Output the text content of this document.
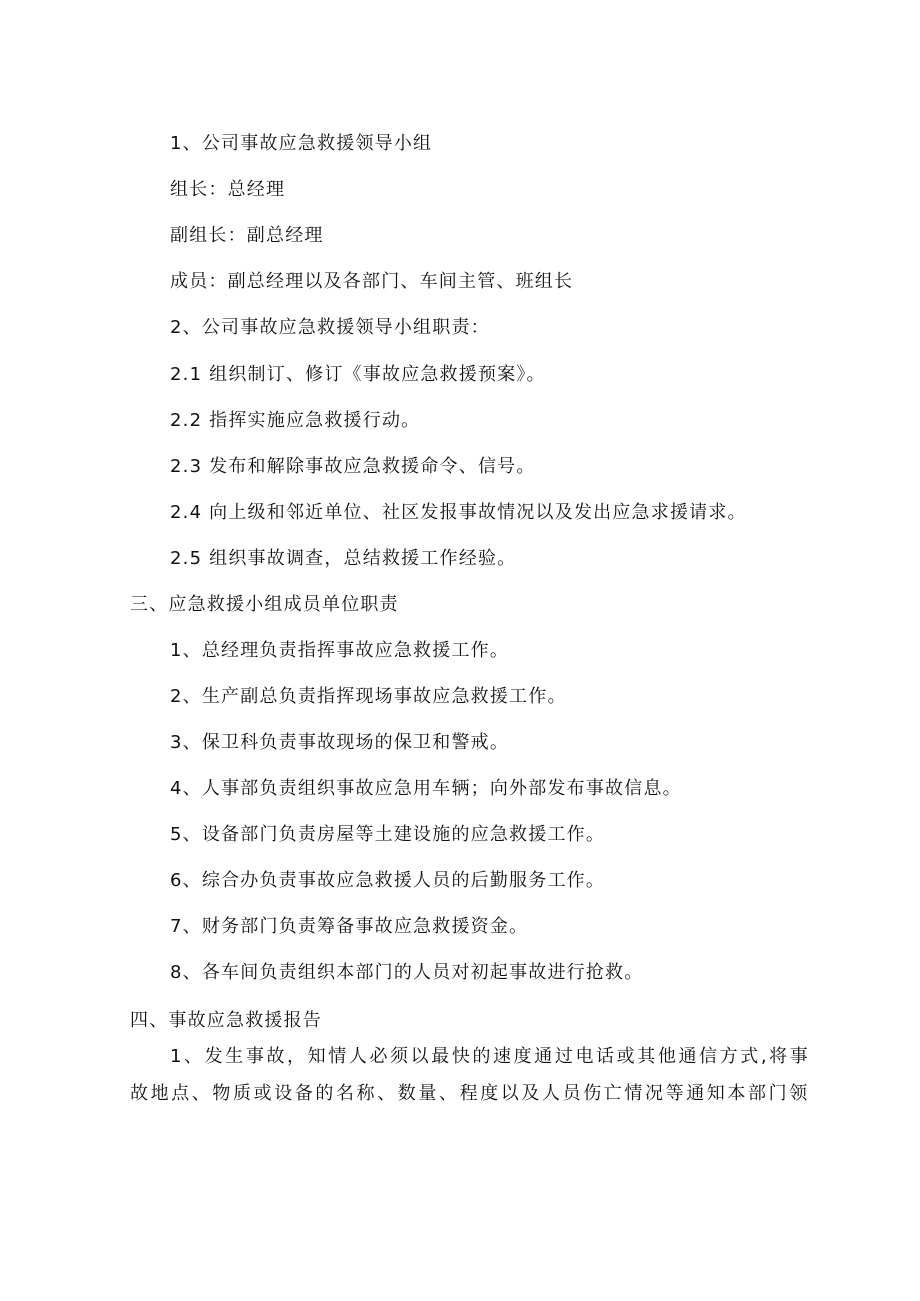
1、公司事故应急救援领导小组
组长：总经理
副组长：副总经理
成员：副总经理以及各部门、车间主管、班组长
2、公司事故应急救援领导小组职责：
2.1 组织制订、修订《事故应急救援预案》。
2.2 指挥实施应急救援行动。
2.3 发布和解除事故应急救援命令、信号。
2.4 向上级和邻近单位、社区发报事故情况以及发出应急求援请求。
2.5 组织事故调查，总结救援工作经验。
三、应急救援小组成员单位职责
1、总经理负责指挥事故应急救援工作。
2、生产副总负责指挥现场事故应急救援工作。
3、保卫科负责事故现场的保卫和警戒。
4、人事部负责组织事故应急用车辆；向外部发布事故信息。
5、设备部门负责房屋等土建设施的应急救援工作。
6、综合办负责事故应急救援人员的后勤服务工作。
7、财务部门负责筹备事故应急救援资金。
8、各车间负责组织本部门的人员对初起事故进行抢救。
四、事故应急救援报告
1、发生事故，知情人必须以最快的速度通过电话或其他通信方式,将事
故地点、物质或设备的名称、数量、程度以及人员伤亡情况等通知本部门领
